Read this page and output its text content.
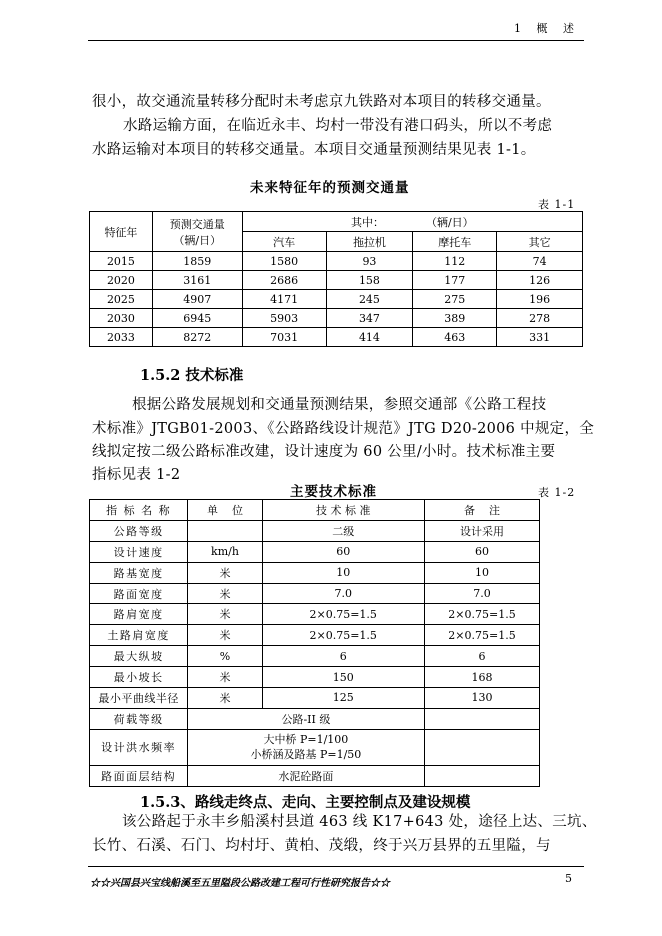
1 概 述
很小，故交通流量转移分配时未考虑京九铁路对本项目的转移交通量。
水路运输方面，在临近永丰、均村一带没有港口码头，所以不考虑
水路运输对本项目的转移交通量。本项目交通量预测结果见表 1-1。
未来特征年的预测交通量
表 1-1
特征年	预测交通量
（辆/日）	其中：            （辆/日）			
		汽车	拖拉机	摩托车	其它
2015	1859	1580	93	112	74
2020	3161	2686	158	177	126
2025	4907	4171	245	275	196
2030	6945	5903	347	389	278
2033	8272	7031	414	463	331
1.5.2 技术标准
根据公路发展规划和交通量预测结果，参照交通部《公路工程技
术标准》JTGB01-2003、《公路路线设计规范》JTG D20-2006 中规定，全
线拟定按二级公路标准改建，设计速度为 60 公里/小时。技术标准主要
指标见表 1-2
主要技术标准	表 1-2
指 标 名 称	单    位	技 术 标 准	备    注
公路等级		二级	设计采用
设计速度	km/h	60	60
路基宽度	米	10	10
路面宽度	米	7.0	7.0
路肩宽度	米	2×0.75=1.5	2×0.75=1.5
土路肩宽度	米	2×0.75=1.5	2×0.75=1.5
最大纵坡	%	6	6
最小坡长	米	150	168
最小平曲线半径	米	125	130
荷载等级	公路-II 级		
设计洪水频率	大中桥 P=1/100
小桥涵及路基 P=1/50		

路面面层结构	水泥砼路面		
1.5.3、路线走终点、走向、主要控制点及建设规模
该公路起于永丰乡船溪村县道 463 线 K17+643 处，途径上达、三坑、
长竹、石溪、石门、均村圩、黄柏、茂缎，终于兴万县界的五里隘，与
☆☆兴国县兴宝线船溪至五里隘段公路改建工程可行性研究报告☆☆	5
